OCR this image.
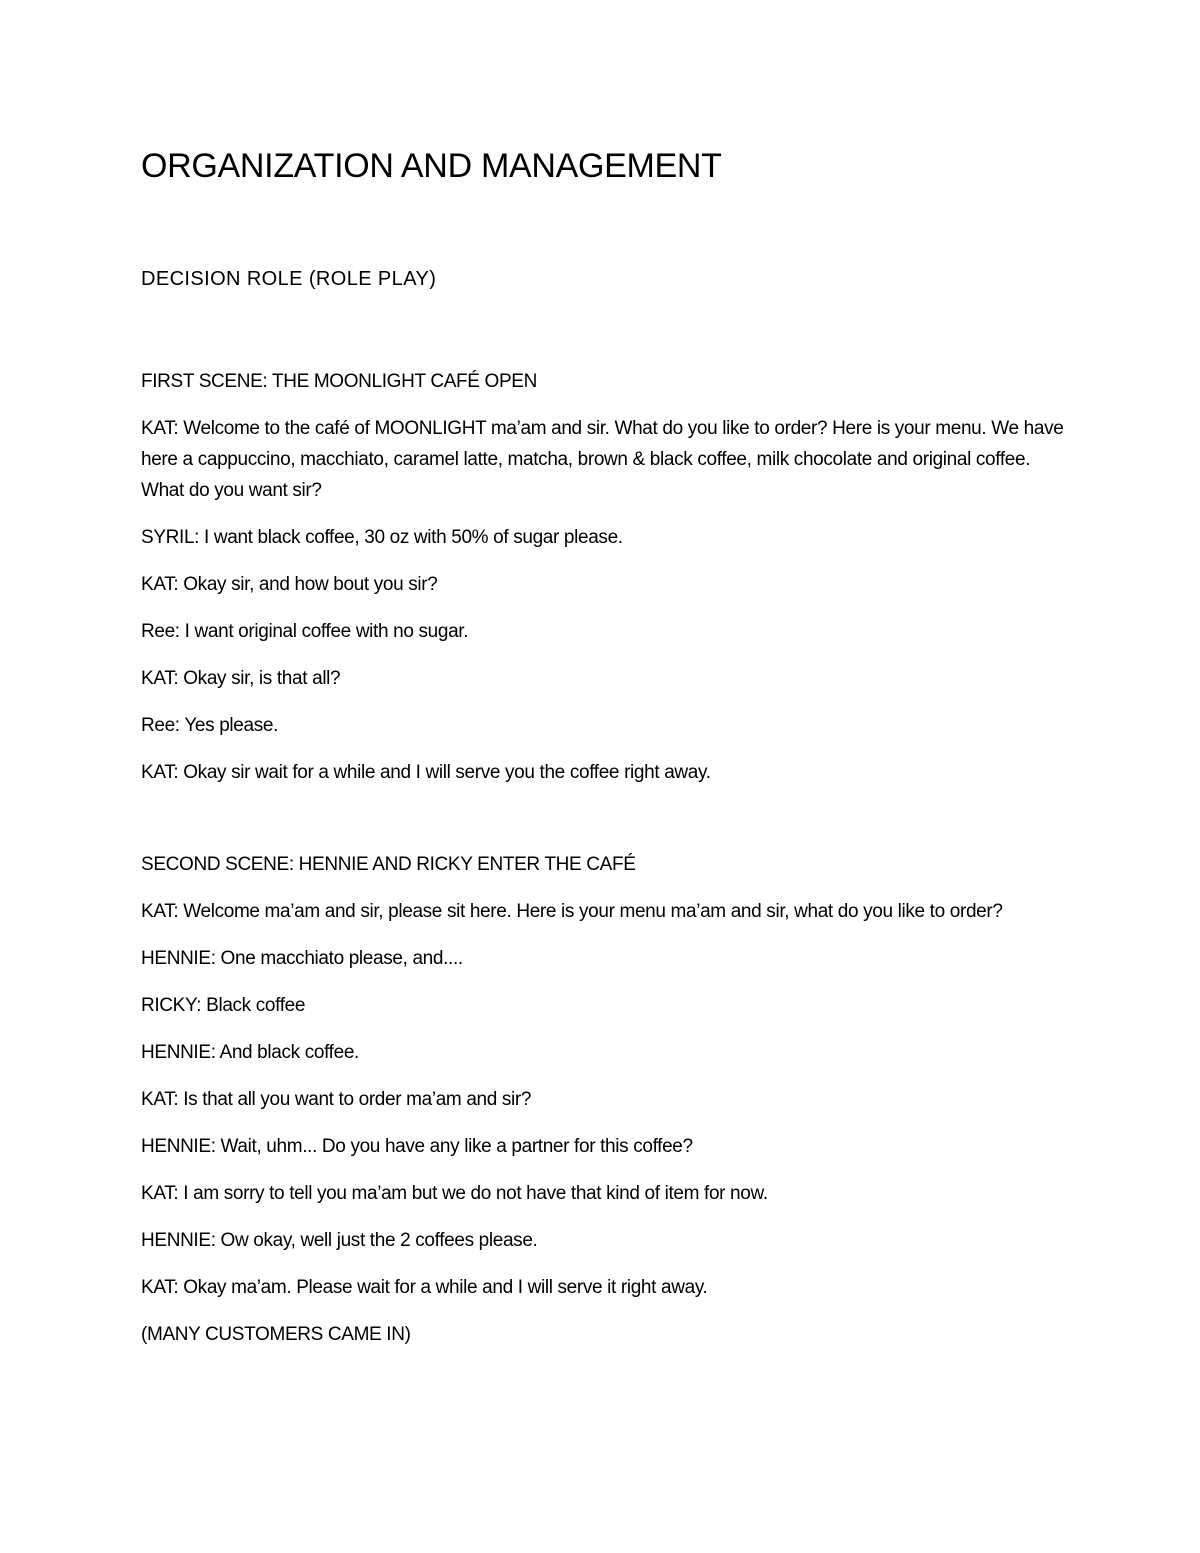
ORGANIZATION AND MANAGEMENT
DECISION ROLE (ROLE PLAY)
FIRST SCENE: THE MOONLIGHT CAFÉ OPEN
KAT: Welcome to the café of MOONLIGHT ma’am and sir. What do you like to order? Here is your menu. We have here a cappuccino, macchiato, caramel latte, matcha, brown & black coffee, milk chocolate and original coffee. What do you want sir?
SYRIL: I want black coffee, 30 oz with 50% of sugar please.
KAT: Okay sir, and how bout you sir?
Ree: I want original coffee with no sugar.
KAT: Okay sir, is that all?
Ree: Yes please.
KAT: Okay sir wait for a while and I will serve you the coffee right away.
SECOND SCENE: HENNIE AND RICKY ENTER THE CAFÉ
KAT: Welcome ma’am and sir, please sit here. Here is your menu ma’am and sir, what do you like to order?
HENNIE: One macchiato please, and....
RICKY: Black coffee
HENNIE: And black coffee.
KAT: Is that all you want to order ma’am and sir?
HENNIE: Wait, uhm... Do you have any like a partner for this coffee?
KAT: I am sorry to tell you ma’am but we do not have that kind of item for now.
HENNIE: Ow okay, well just the 2 coffees please.
KAT: Okay ma’am. Please wait for a while and I will serve it right away.
(MANY CUSTOMERS CAME IN)
